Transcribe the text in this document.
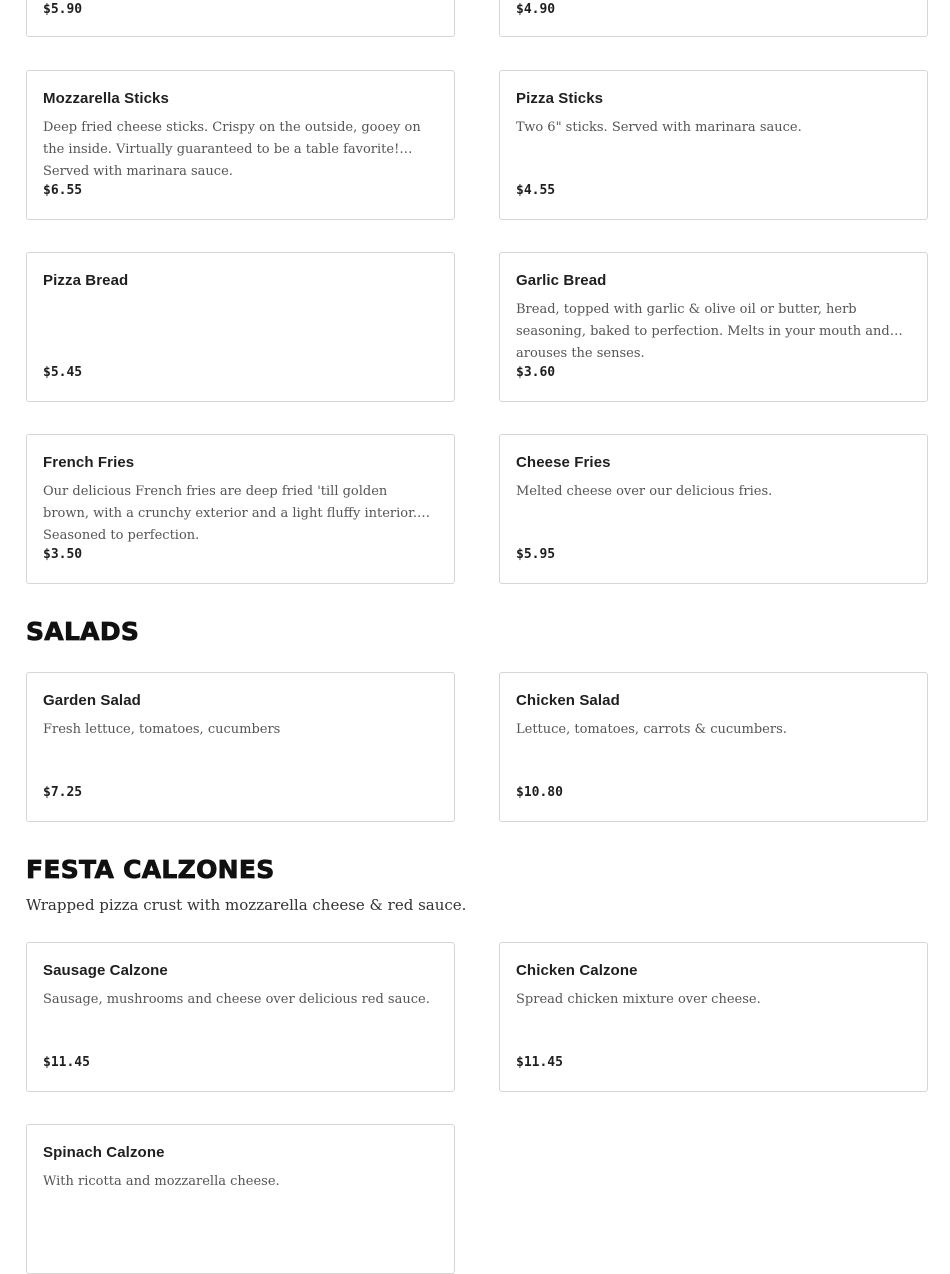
$5.90	$4.90
Mozzarella Sticks
Deep fried cheese sticks. Crispy on the outside, gooey on the inside. Virtually guaranteed to be a table favorite! Served with marinara sauce.
$6.55
Pizza Sticks
Two 6" sticks. Served with marinara sauce.
$4.55
Pizza Bread
$5.45
Garlic Bread
Bread, topped with garlic & olive oil or butter, herb seasoning, baked to perfection. Melts in your mouth and arouses the senses.
$3.60
French Fries
Our delicious French fries are deep fried 'till golden brown, with a crunchy exterior and a light fluffy interior. Seasoned to perfection.
$3.50
Cheese Fries
Melted cheese over our delicious fries.
$5.95
SALADS
Garden Salad
Fresh lettuce, tomatoes, cucumbers
$7.25
Chicken Salad
Lettuce, tomatoes, carrots & cucumbers.
$10.80
FESTA CALZONES

Wrapped pizza crust with mozzarella cheese & red sauce.

Sausage Calzone
Sausage, mushrooms and cheese over delicious red sauce.
$11.45
Chicken Calzone
Spread chicken mixture over cheese.
$11.45
Spinach Calzone
With ricotta and mozzarella cheese.
